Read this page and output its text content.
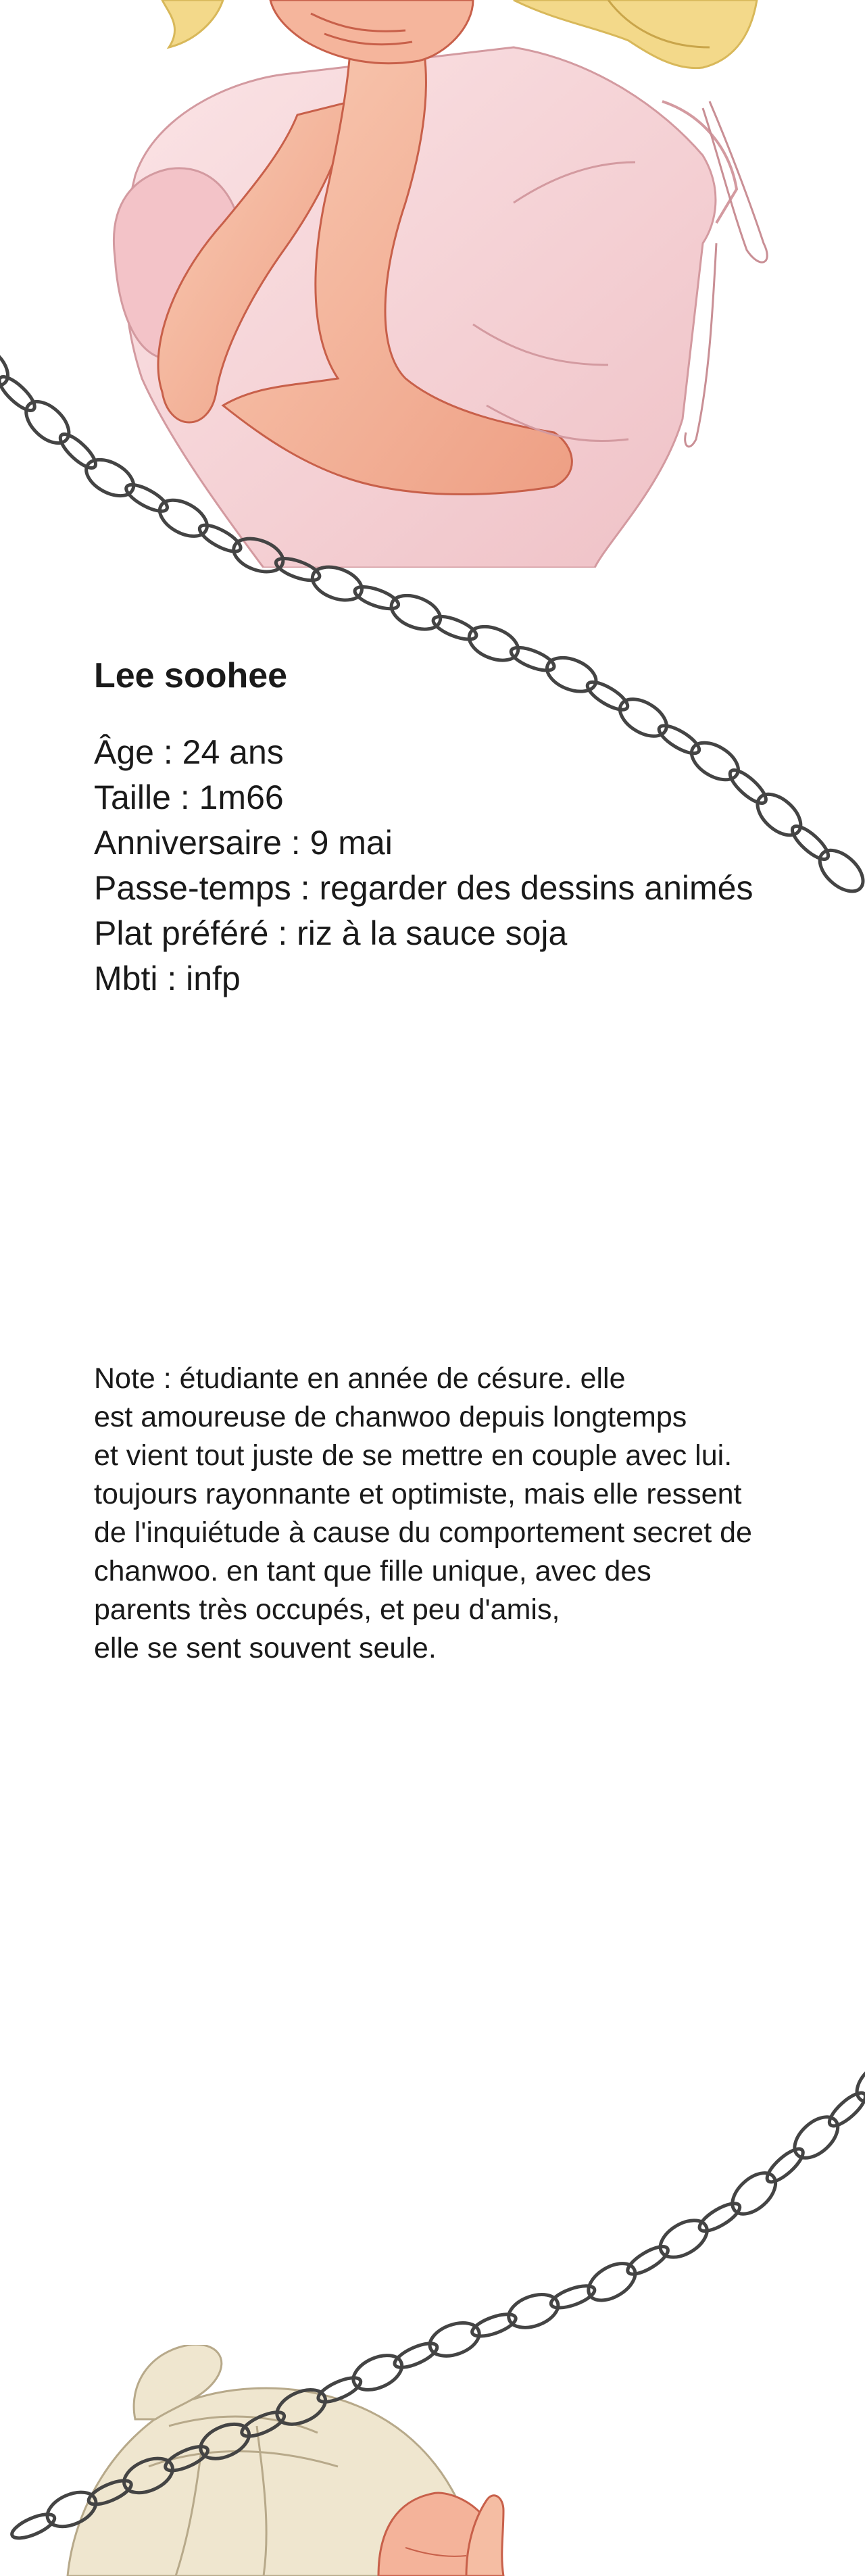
Lee soohee
Âge : 24 ans
Taille : 1m66
Anniversaire : 9 mai
Passe-temps : regarder des dessins animés
Plat préféré : riz à la sauce soja
Mbti : infp
Note : étudiante en année de césure. elle
est amoureuse de chanwoo depuis longtemps
et vient tout juste de se mettre en couple avec lui.
toujours rayonnante et optimiste, mais elle ressent
de l'inquiétude à cause du comportement secret de
chanwoo. en tant que fille unique, avec des
parents très occupés, et peu d'amis,
elle se sent souvent seule.
